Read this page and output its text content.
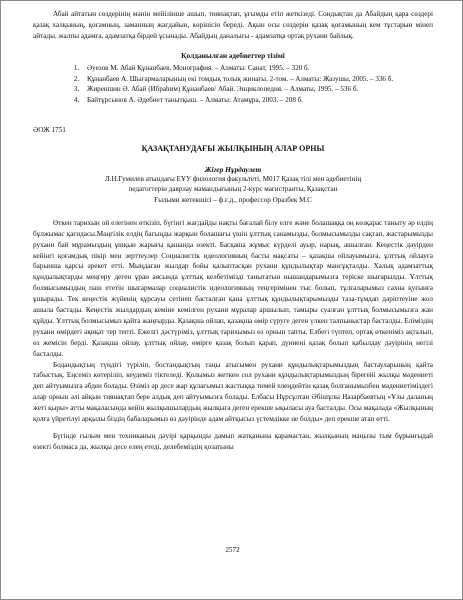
Абай айтатын сөздерінің мәнін мейілінше ашып, тиянақтап, ұғымды етіп жеткізеді. Сондықтан да Абайдың қара сөздері қазақ халқының, қоғамның, заманның жағдайын, көрінісін береді. Ақын осы сөздерін қазақ қоғамының кем тұстарын мінеп айтады, жалпы адамға, адамзатқа бірдей ұсынады. Абайдың даналығы - адамзатқа ортақ рухани байлық.

Қолданылған әдебиеттер тізімі

1. Әуезов М. Абай Құнанбаев. Монография. – Алматы: Санат, 1995. – 320 б.
2. Құнанбаев А. Шығармаларының екі томдық толық жинағы. 2-том. – Алматы: Жазушы, 2005. – 336 б.
3. Жиреншин Ә. Абай (Ибраһим) Құнанбаев/ Абай. Энциклопедия. – Алматы, 1995. – 536 б.
4. Байтұрсынов А. Әдебиет танытқыш. – Алматы: Атамұра, 2003. – 208 б.

ӘОЖ 1751

ҚАЗАҚТАНУДАҒЫ ЖЫЛҚЫНЫҢ АЛАР ОРНЫ

Жігер Нұрдаулет

Л.Н.Гумилев атындағы ЕҰУ филология факультеті, М017 Қазақ тілі мен әдебиетінің

педагогтерін даярлау мамандығының 2-курс магистранты, Қазақстан

Ғылыми жетекшісі – ф.ғ.д., профессор Оразбек М.С

Өткен тарихын ой елегінен өткізіп, бүгінгі жағдайды нақты бағалай білу елге және болашаққа оң көзқарас таныту әр елдің бұлжымас қағидасы.Мәңгілік елдің бағыңды жарқын болашағы үшін ұлттық санамызды, болмысымызды сақтап, жастарымызды рухани бай мұрамыздың ұшқын жарығы қашанда өзекті. Басқаша жұмыс күрделі ауыр, нарық, ашылған. Кеңестік дәуірден кейінгі қоғамдық пікір мен зерттеулер Социалистік идеологияның басты мақсаты – қазақша ойлауымызға, ұлттық ойлауға барынша қарсы әрекет етті. Мыңдаған жылдар бойы қалыптасқан рухани құндылықтар мансұқталды. Халық адамзаттық құндылықтарды меңгеру деген ұран аясында ұлттық келбетіміздi танытатын нышандарымызға теріске шығарылды. Ұлттық болмысымыздың паш ететін шығармалар социалистік идеологияның теңгерімінен тыс болып, тұлғаларымыз сахна қуғынға ұшырады. Тек кеңестік жүйенің құрсауы сетінеп басталған қана ұлттық құндылықтарымызды таза-тұмдап дәріптеуіне жол ашыла бастады. Кеңестік жылдардың кеміне кемілген рухани мұралар аршылып, тамыры суалған ұлттық болмысымызға жан құйды. Ұлттық болмысымыз қайта жаңғырды. Қазақша ойлап, қазақша өмір сүруге деген үлкен талпыныстар басталды. Еліміздің рухани өмірдегі ақиқат тер тепті. Ежелгі дәстүріміз, ұлттық тарихымыз өз орнын тапты. Елбегі түптеп, ортақ өткеніміз ақталып, өз жемісін берді. Қазақша ойлау, ұлттық ойлау, өмірге қазақ болып қарап, дүниені қазақ болып қабылдау дәуірінің негізі басталды.

Бодандықтың түндігі түріліп, бостандықтың таңы атысымен рухани құндылықтарымыздың бастауларының қайта табыстық. Еңсеміз көтеріліп, кеудеміз тіктеледі. Қолымыз жеткен сол рухани құндылықтарымыздың бірегейі жылқы мәдениеті деп айтуымызға әбден болады. Өзімiз әр десе жар құлағымыз жастыққа тимей елеңдейтін қазақ болғанымызбен мәдениетіміздегі алар орнын әлі айқын тиянақтап бере алдық деп айтуымызға болады. Елбасы Нұрсұлтан Әбішұлы Назарбаевтың «Ұлы даланың жеті қыры» атты мақаласында кейін жылқышылардың жылқыға деген ерекше ықыласы ауа басталды. Осы мақалада «Жылқының қолға үйретілуі арқылы біздің бабаларымыз өз дәуірінде адам айтқысыз үстемдікке не болды» деп ерекше атап өтті.

Бүгінде ғылым мен техниканың дәуірі қарқынды дамып жатқанына қарамастан, жылқының маңызы тым бұрынғыдай өзекті болмаса да, жылқы десе елең етеді, делебеміздің қозатыны

2572
